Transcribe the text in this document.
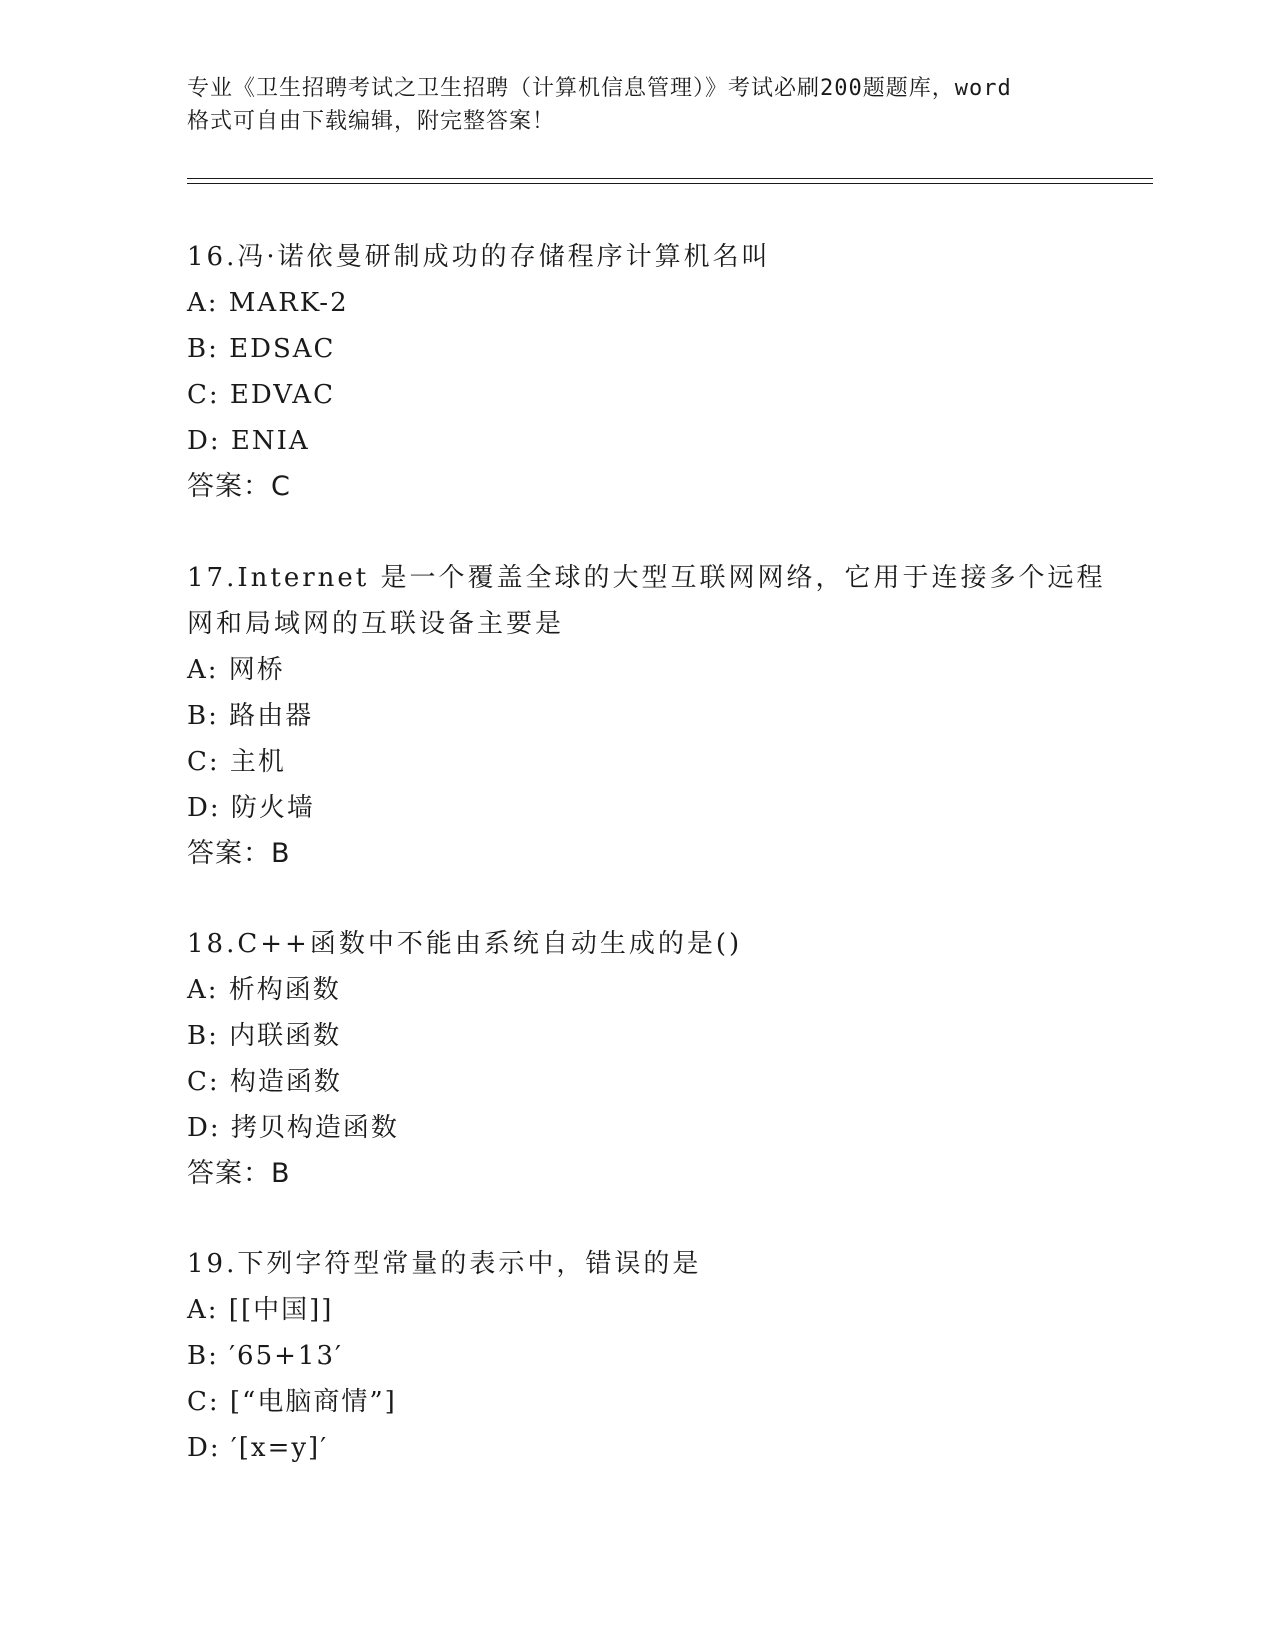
专业《卫生招聘考试之卫生招聘（计算机信息管理）》考试必刷200题题库，word
格式可自由下载编辑，附完整答案！

16.冯·诺依曼研制成功的存储程序计算机名叫

A: MARK-2

B: EDSAC

C: EDVAC

D: ENIA

答案：C

17.Internet 是一个覆盖全球的大型互联网网络，它用于连接多个远程网和局域网的互联设备主要是

A: 网桥

B: 路由器

C: 主机

D: 防火墙

答案：B

18.C++函数中不能由系统自动生成的是()

A: 析构函数

B: 内联函数

C: 构造函数

D: 拷贝构造函数

答案：B

19.下列字符型常量的表示中，错误的是

A: [[中国]]

B: ′65+13′

C: [“电脑商情”]

D: ′[x=y]′
